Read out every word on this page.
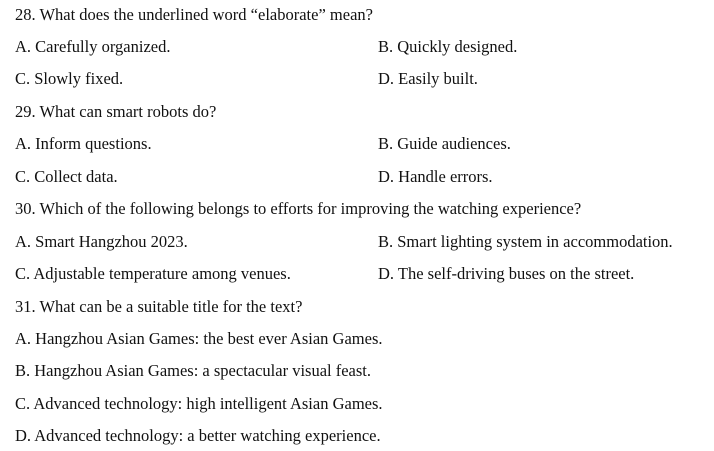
28. What does the underlined word “elaborate” mean?
A. Carefully organized.	B. Quickly designed.
C. Slowly fixed.	D. Easily built.
29. What can smart robots do?
A. Inform questions.	B. Guide audiences.
C. Collect data.	D. Handle errors.
30. Which of the following belongs to efforts for improving the watching experience?
A. Smart Hangzhou 2023.	B. Smart lighting system in accommodation.
C. Adjustable temperature among venues.	D. The self-driving buses on the street.
31. What can be a suitable title for the text?
A. Hangzhou Asian Games: the best ever Asian Games.
B. Hangzhou Asian Games: a spectacular visual feast.
C. Advanced technology: high intelligent Asian Games.
D. Advanced technology: a better watching experience.
